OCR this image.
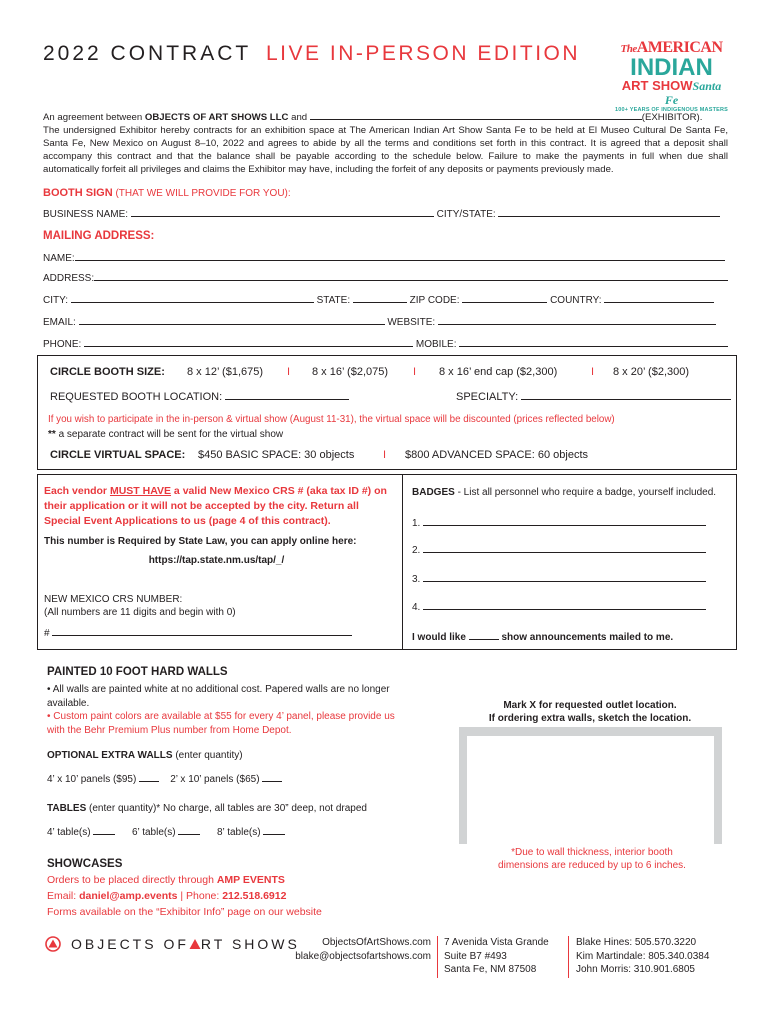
2022 CONTRACT LIVE IN-PERSON EDITION	TheAMERICAN
INDIAN
ART SHOWSanta Fe
100+ YEARS OF INDIGENOUS MASTERS
An agreement between OBJECTS OF ART SHOWS LLC and	(EXHIBITOR).
The undersigned Exhibitor hereby contracts for an exhibition space at The American Indian Art Show Santa Fe to be held at El Museo Cultural De Santa Fe, Santa Fe, New Mexico on August 8–10, 2022 and agrees to abide by all the terms and conditions set forth in this contract. It is agreed that a deposit shall accompany this contract and that the balance shall be payable according to the schedule below. Failure to make the payments in full when due shall automatically forfeit all privileges and claims the Exhibitor may have, including the forfeit of any deposits or payments previously made.
BOOTH SIGN (THAT WE WILL PROVIDE FOR YOU):
BUSINESS NAME:	CITY/STATE:
MAILING ADDRESS:
NAME:
ADDRESS:
CITY:	STATE:	ZIP CODE:	COUNTRY:
EMAIL:	WEBSITE:
PHONE:	MOBILE:
CIRCLE BOOTH SIZE: 8 x 12’ ($1,675) I 8 x 16’ ($2,075) I 8 x 16’ end cap ($2,300)	I 8 x 20’ ($2,300)
REQUESTED BOOTH LOCATION:	SPECIALTY:
If you wish to participate in the in-person & virtual show (August 11-31), the virtual space will be discounted (prices reflected below)
** a separate contract will be sent for the virtual show
CIRCLE VIRTUAL SPACE: $450 BASIC SPACE: 30 objects	I $800 ADVANCED SPACE: 60 objects
Each vendor MUST HAVE a valid New Mexico CRS # (aka tax ID #) on their application or it will not be accepted by the city. Return all Special Event Applications to us (page 4 of this contract).
This number is Required by State Law, you can apply online here:
https://tap.state.nm.us/tap/_/
NEW MEXICO CRS NUMBER:
(All numbers are 11 digits and begin with 0)
#
BADGES - List all personnel who require a badge, yourself included.
1.
2.
3.
4.
I would like	show announcements mailed to me.
PAINTED 10 FOOT HARD WALLS
• All walls are painted white at no additional cost. Papered walls are no longer available.
• Custom paint colors are available at $55 for every 4’ panel, please provide us with the Behr Premium Plus number from Home Depot.
OPTIONAL EXTRA WALLS (enter quantity)
4’ x 10’ panels ($95)	2’ x 10’ panels ($65)
TABLES (enter quantity)* No charge, all tables are 30” deep, not draped
4’ table(s)	6’ table(s)	8’ table(s)
Mark X for requested outlet location.
If ordering extra walls, sketch the location.
*Due to wall thickness, interior booth
dimensions are reduced by up to 6 inches.
SHOWCASES
Orders to be placed directly through AMP EVENTS
Email: daniel@amp.events | Phone: 212.518.6912
Forms available on the “Exhibitor Info” page on our website
OBJECTS OF RT SHOWS	ObjectsOfArtShows.com
blake@objectsofartshows.com
7 Avenida Vista Grande
Suite B7 #493
Santa Fe, NM 87508
Blake Hines: 505.570.3220
Kim Martindale: 805.340.0384
John Morris: 310.901.6805
